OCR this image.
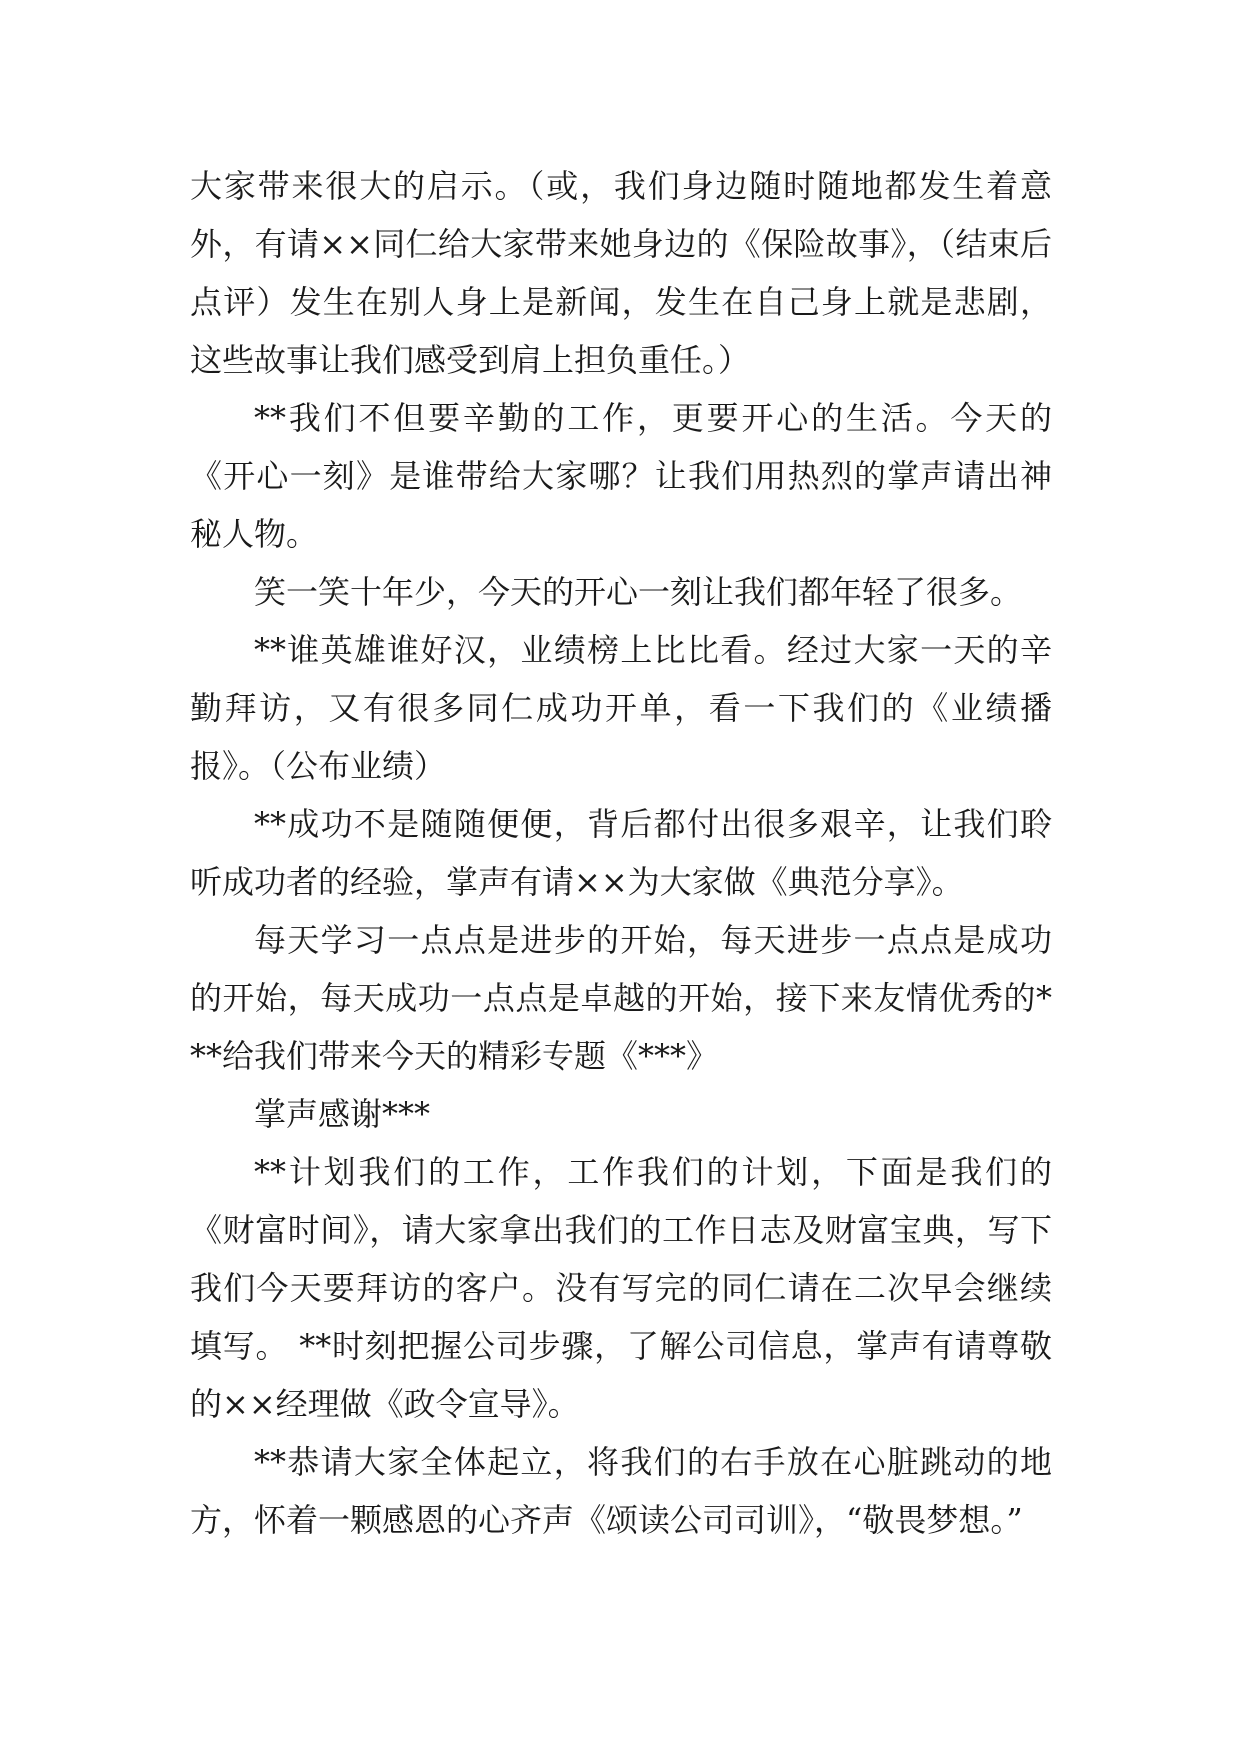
大家带来很大的启示。（或，我们身边随时随地都发生着意外，有请××同仁给大家带来她身边的《保险故事》，（结束后点评）发生在别人身上是新闻，发生在自己身上就是悲剧，这些故事让我们感受到肩上担负重任。）

**我们不但要辛勤的工作，更要开心的生活。今天的《开心一刻》是谁带给大家哪？让我们用热烈的掌声请出神秘人物。

笑一笑十年少，今天的开心一刻让我们都年轻了很多。

**谁英雄谁好汉，业绩榜上比比看。经过大家一天的辛勤拜访，又有很多同仁成功开单，看一下我们的《业绩播报》。（公布业绩）

**成功不是随随便便，背后都付出很多艰辛，让我们聆听成功者的经验，掌声有请××为大家做《典范分享》。

每天学习一点点是进步的开始，每天进步一点点是成功的开始，每天成功一点点是卓越的开始，接下来友情优秀的***给我们带来今天的精彩专题《***》

掌声感谢***

**计划我们的工作，工作我们的计划，下面是我们的《财富时间》，请大家拿出我们的工作日志及财富宝典，写下我们今天要拜访的客户。没有写完的同仁请在二次早会继续填写。 **时刻把握公司步骤，了解公司信息，掌声有请尊敬的××经理做《政令宣导》。

**恭请大家全体起立，将我们的右手放在心脏跳动的地方，怀着一颗感恩的心齐声《颂读公司司训》，“敬畏梦想。”
